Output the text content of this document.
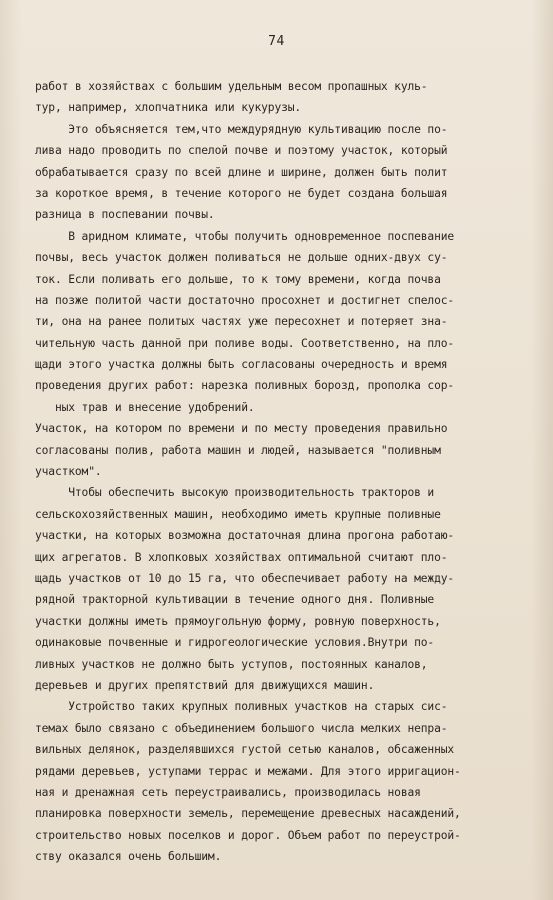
74
работ в хозяйствах с большим удельным весом пропашных куль-
тур, например, хлопчатника или кукурузы.
Это объясняется тем,что междурядную культивацию после по-
лива надо проводить по спелой почве и поэтому участок, который
обрабатывается сразу по всей длине и ширине, должен быть полит
за короткое время, в течение которого не будет создана большая
разница в поспевании почвы.
В аридном климате, чтобы получить одновременное поспевание
почвы, весь участок должен поливаться не дольше одних-двух су-
ток. Если поливать его дольше, то к тому времени, когда почва
на позже политой части достаточно просохнет и достигнет спелос-
ти, она на ранее политых частях уже пересохнет и потеряет зна-
чительную часть данной при поливе воды. Соответственно, на пло-
щади этого участка должны быть согласованы очередность и время
проведения других работ: нарезка поливных борозд, прополка сор-
ных трав и внесение удобрений.
Участок, на котором по времени и по месту проведения правильно
согласованы полив, работа машин и людей, называется "поливным
участком".
Чтобы обеспечить высокую производительность тракторов и
сельскохозяйственных машин, необходимо иметь крупные поливные
участки, на которых возможна достаточная длина прогона работаю-
щих агрегатов. В хлопковых хозяйствах оптимальной считают пло-
щадь участков от 10 до 15 га, что обеспечивает работу на между-
рядной тракторной культивации в течение одного дня. Поливные
участки должны иметь прямоугольную форму, ровную поверхность,
одинаковые почвенные и гидрогеологические условия.Внутри по-
ливных участков не должно быть уступов, постоянных каналов,
деревьев и других препятствий для движущихся машин.
Устройство таких крупных поливных участков на старых сис-
темах было связано с объединением большого числа мелких непра-
вильных делянок, разделявшихся густой сетью каналов, обсаженных
рядами деревьев, уступами террас и межами. Для этого ирригацион-
ная и дренажная сеть переустраивались, производилась новая
планировка поверхности земель, перемещение древесных насаждений,
строительство новых поселков и дорог. Объем работ по переустрой-
ству оказался очень большим.
